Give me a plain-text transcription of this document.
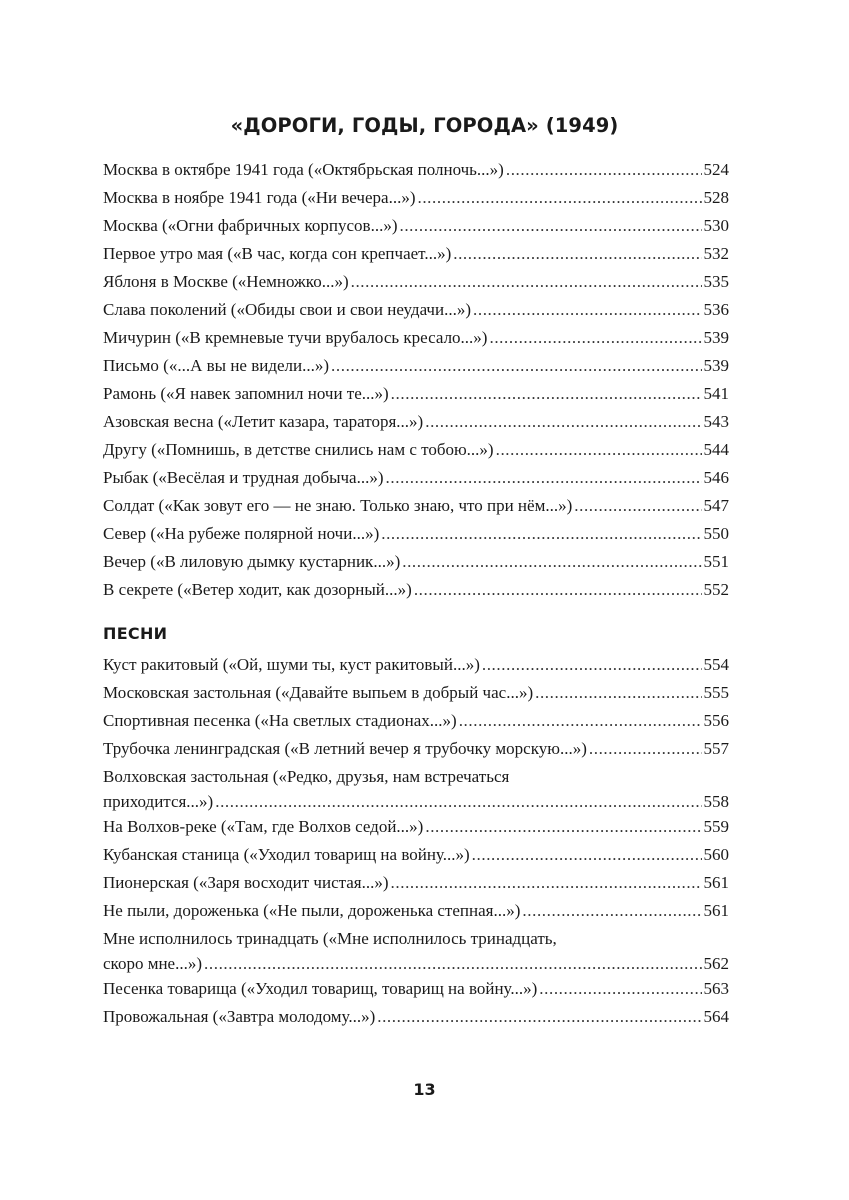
«ДОРОГИ, ГОДЫ, ГОРОДА» (1949)
Москва в октябре 1941 года («Октябрьская полночь...») .....	524
Москва в ноябре 1941 года («Ни вечера...») .....	528
Москва («Огни фабричных корпусов...») .....	530
Первое утро мая («В час, когда сон крепчает...») .....	532
Яблоня в Москве («Немножко...») .....	535
Слава поколений («Обиды свои и свои неудачи...») .....	536
Мичурин («В кремневые тучи врубалось кресало...») .....	539
Письмо («...А вы не видели...») .....	539
Рамонь («Я навек запомнил ночи те...») .....	541
Азовская весна («Летит казара, тараторя...») .....	543
Другу («Помнишь, в детстве снились нам с тобою...») .....	544
Рыбак («Весёлая и трудная добыча...») .....	546
Солдат («Как зовут его — не знаю. Только знаю, что при нём...») .....	547
Север («На рубеже полярной ночи...») .....	550
Вечер («В лиловую дымку кустарник...») .....	551
В секрете («Ветер ходит, как дозорный...») .....	552
ПЕСНИ
Куст ракитовый («Ой, шуми ты, куст ракитовый...») .....	554
Московская застольная («Давайте выпьем в добрый час...») .....	555
Спортивная песенка («На светлых стадионах...») .....	556
Трубочка ленинградская («В летний вечер я трубочку морскую...») .....	557
Волховская застольная («Редко, друзья, нам встречаться
приходится...») .....	558
На Волхов-реке («Там, где Волхов седой...») .....	559
Кубанская станица («Уходил товарищ на войну...») .....	560
Пионерская («Заря восходит чистая...») .....	561
Не пыли, дороженька («Не пыли, дороженька степная...») .....	561
Мне исполнилось тринадцать («Мне исполнилось тринадцать,
скоро мне...») .....	562
Песенка товарища («Уходил товарищ, товарищ на войну...») .....	563
Провожальная («Завтра молодому...») .....	564
13
